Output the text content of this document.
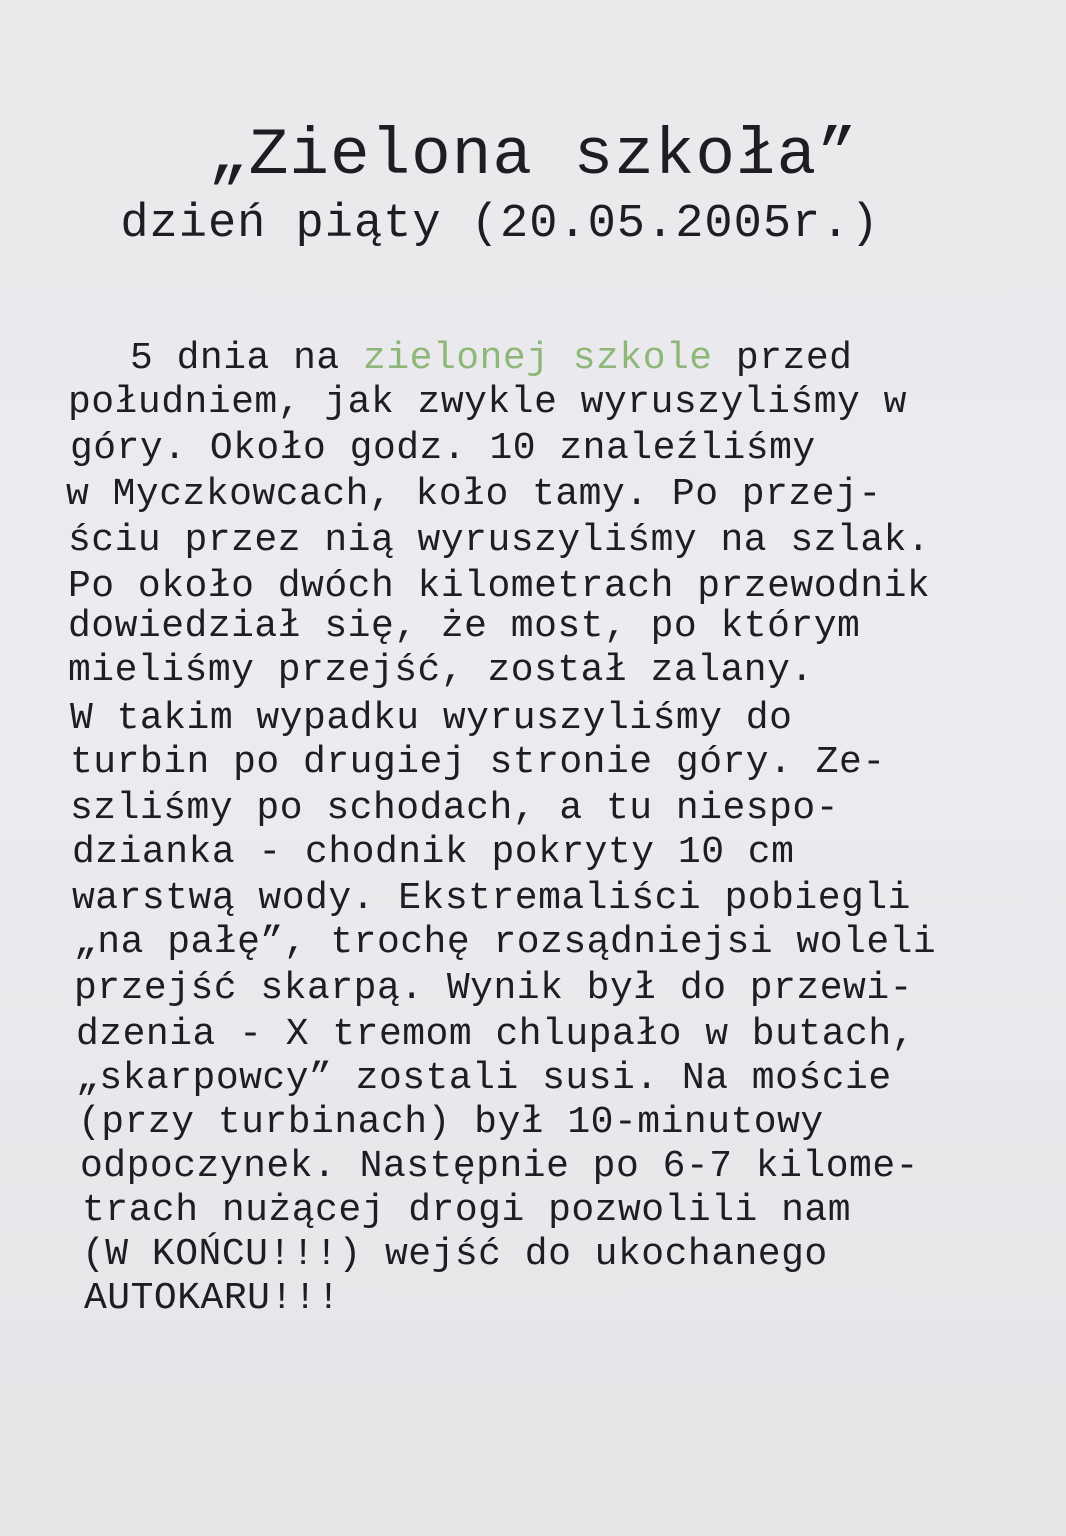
„Zielona szkoła”
dzień piąty (20.05.2005r.)
5 dnia na zielonej szkole przed
południem, jak zwykle wyruszyliśmy w
góry. Około godz. 10 znaleźliśmy
w Myczkowcach, koło tamy. Po przej-
ściu przez nią wyruszyliśmy na szlak.
Po około dwóch kilometrach przewodnik
dowiedział się, że most, po którym
mieliśmy przejść, został zalany.
W takim wypadku wyruszyliśmy do
turbin po drugiej stronie góry. Ze-
szliśmy po schodach, a tu niespo-
dzianka - chodnik pokryty 10 cm
warstwą wody. Ekstremaliści pobiegli
„na pałę”, trochę rozsądniejsi woleli
przejść skarpą. Wynik był do przewi-
dzenia - X tremom chlupało w butach,
„skarpowcy” zostali susi. Na moście
(przy turbinach) był 10-minutowy
odpoczynek. Następnie po 6-7 kilome-
trach nużącej drogi pozwolili nam
(W KOŃCU!!!) wejść do ukochanego
AUTOKARU!!!
